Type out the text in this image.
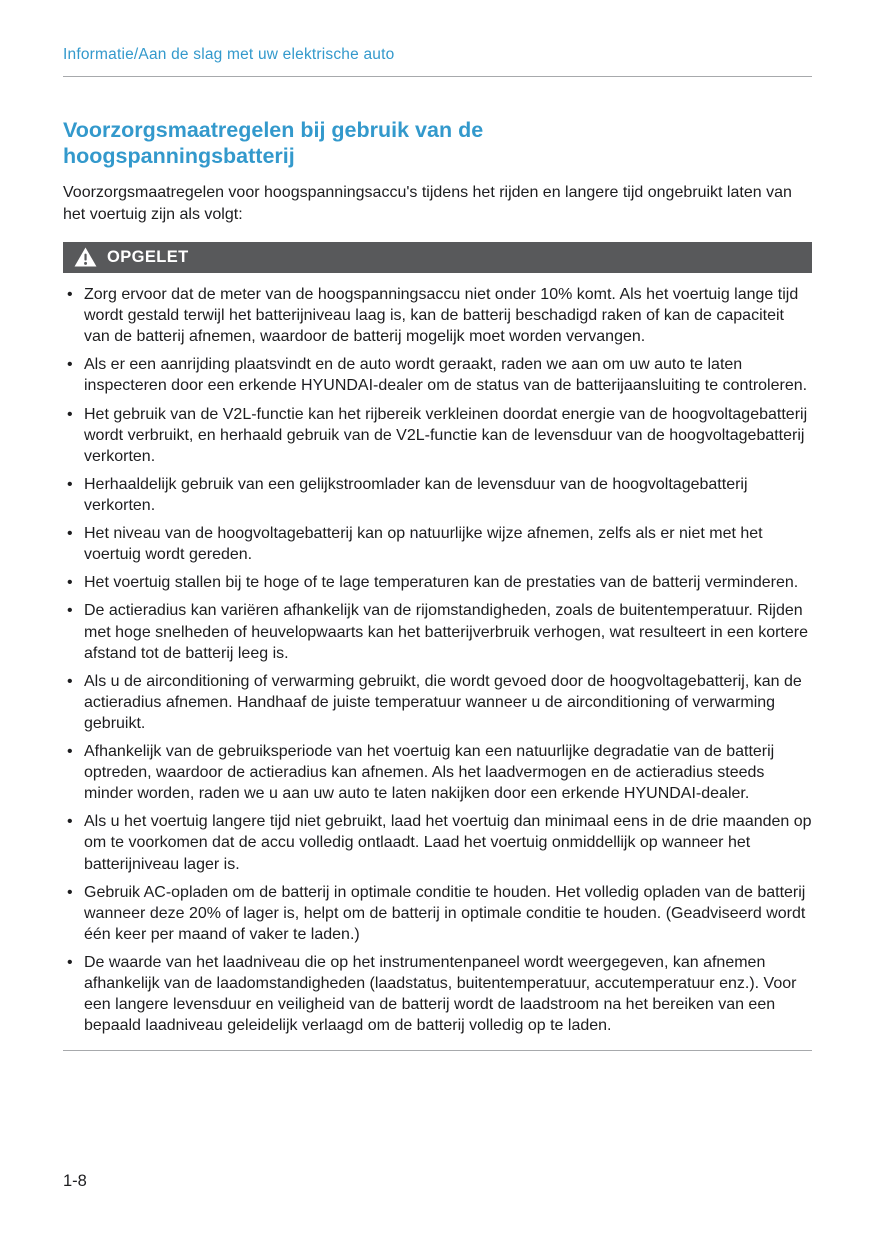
Informatie/Aan de slag met uw elektrische auto
Voorzorgsmaatregelen bij gebruik van de hoogspanningsbatterij

Voorzorgsmaatregelen voor hoogspanningsaccu's tijdens het rijden en langere tijd ongebruikt laten van het voertuig zijn als volgt:

OPGELET
• Zorg ervoor dat de meter van de hoogspanningsaccu niet onder 10% komt. Als het voertuig lange tijd wordt gestald terwijl het batterijniveau laag is, kan de batterij beschadigd raken of kan de capaciteit van de batterij afnemen, waardoor de batterij mogelijk moet worden vervangen.
• Als er een aanrijding plaatsvindt en de auto wordt geraakt, raden we aan om uw auto te laten inspecteren door een erkende HYUNDAI-dealer om de status van de batterijaansluiting te controleren.
• Het gebruik van de V2L-functie kan het rijbereik verkleinen doordat energie van de hoogvoltagebatterij wordt verbruikt, en herhaald gebruik van de V2L-functie kan de levensduur van de hoogvoltagebatterij verkorten.
• Herhaaldelijk gebruik van een gelijkstroomlader kan de levensduur van de hoogvoltagebatterij verkorten.
• Het niveau van de hoogvoltagebatterij kan op natuurlijke wijze afnemen, zelfs als er niet met het voertuig wordt gereden.
• Het voertuig stallen bij te hoge of te lage temperaturen kan de prestaties van de batterij verminderen.
• De actieradius kan variëren afhankelijk van de rijomstandigheden, zoals de buitentemperatuur. Rijden met hoge snelheden of heuvelopwaarts kan het batterijverbruik verhogen, wat resulteert in een kortere afstand tot de batterij leeg is.
• Als u de airconditioning of verwarming gebruikt, die wordt gevoed door de hoogvoltagebatterij, kan de actieradius afnemen. Handhaaf de juiste temperatuur wanneer u de airconditioning of verwarming gebruikt.
• Afhankelijk van de gebruiksperiode van het voertuig kan een natuurlijke degradatie van de batterij optreden, waardoor de actieradius kan afnemen. Als het laadvermogen en de actieradius steeds minder worden, raden we u aan uw auto te laten nakijken door een erkende HYUNDAI-dealer.
• Als u het voertuig langere tijd niet gebruikt, laad het voertuig dan minimaal eens in de drie maanden op om te voorkomen dat de accu volledig ontlaadt. Laad het voertuig onmiddellijk op wanneer het batterijniveau lager is.
• Gebruik AC-opladen om de batterij in optimale conditie te houden. Het volledig opladen van de batterij wanneer deze 20% of lager is, helpt om de batterij in optimale conditie te houden. (Geadviseerd wordt één keer per maand of vaker te laden.)
• De waarde van het laadniveau die op het instrumentenpaneel wordt weergegeven, kan afnemen afhankelijk van de laadomstandigheden (laadstatus, buitentemperatuur, accutemperatuur enz.). Voor een langere levensduur en veiligheid van de batterij wordt de laadstroom na het bereiken van een bepaald laadniveau geleidelijk verlaagd om de batterij volledig op te laden.
1-8
